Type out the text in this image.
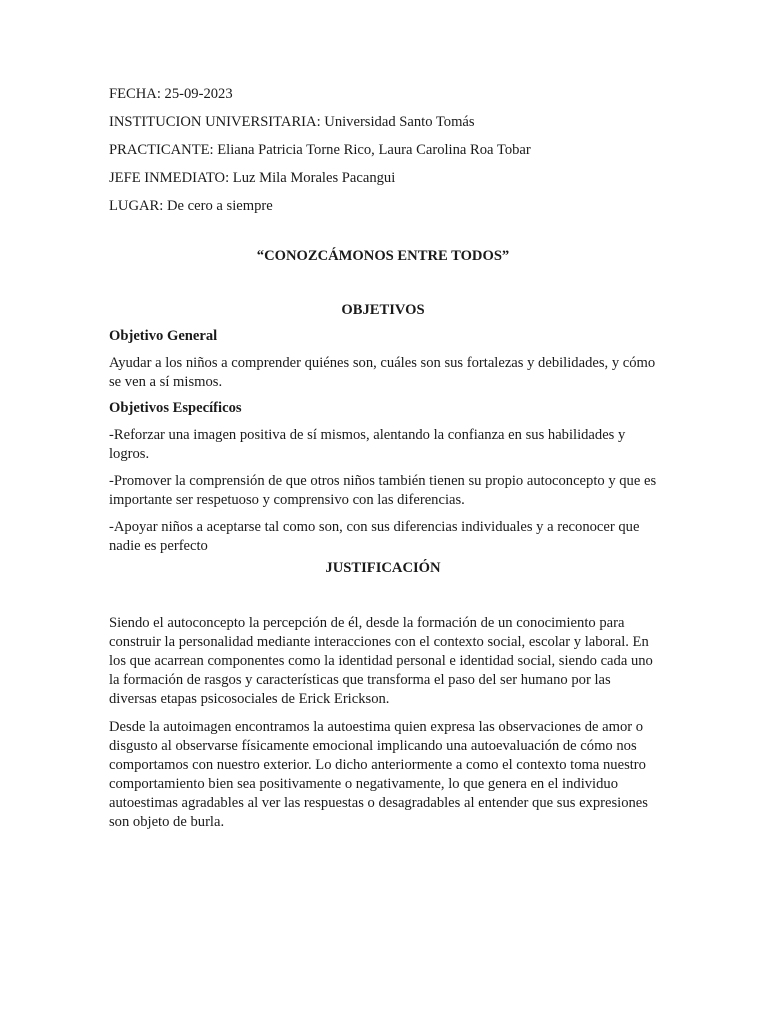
FECHA: 25-09-2023

INSTITUCION UNIVERSITARIA: Universidad Santo Tomás

PRACTICANTE: Eliana Patricia Torne Rico, Laura Carolina Roa Tobar

JEFE INMEDIATO: Luz Mila Morales Pacangui

LUGAR: De cero a siempre

“CONOZCÁMONOS ENTRE TODOS”

OBJETIVOS

Objetivo General

Ayudar a los niños a comprender quiénes son, cuáles son sus fortalezas y debilidades, y cómo se ven a sí mismos.

Objetivos Específicos

-Reforzar una imagen positiva de sí mismos, alentando la confianza en sus habilidades y logros.

-Promover la comprensión de que otros niños también tienen su propio autoconcepto y que es importante ser respetuoso y comprensivo con las diferencias.

-Apoyar niños a aceptarse tal como son, con sus diferencias individuales y a reconocer que nadie es perfecto

JUSTIFICACIÓN

Siendo el autoconcepto la percepción de él, desde la formación de un conocimiento para construir la personalidad mediante interacciones con el contexto social, escolar y laboral. En los que acarrean componentes como la identidad personal e identidad social, siendo cada uno la formación de rasgos y características que transforma el paso del ser humano por las diversas etapas psicosociales de Erick Erickson.

Desde la autoimagen encontramos la autoestima quien expresa las observaciones de amor o disgusto al observarse físicamente emocional implicando una autoevaluación de cómo nos comportamos con nuestro exterior. Lo dicho anteriormente a como el contexto toma nuestro comportamiento bien sea positivamente o negativamente, lo que genera en el individuo autoestimas agradables al ver las respuestas o desagradables al entender que sus expresiones son objeto de burla.
